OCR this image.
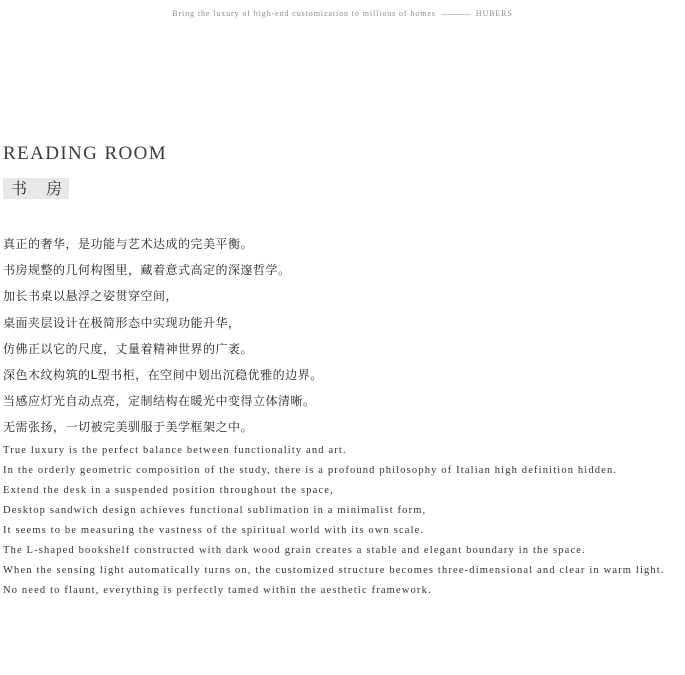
Bring the luxury of high-end customization to millions of homes	HUBERS
READING ROOM
书 房
真正的奢华，是功能与艺术达成的完美平衡。
书房规整的几何构图里，藏着意式高定的深邃哲学。
加长书桌以悬浮之姿贯穿空间，
桌面夹层设计在极简形态中实现功能升华，
仿佛正以它的尺度，丈量着精神世界的广袤。
深色木纹构筑的L型书柜，在空间中划出沉稳优雅的边界。
当感应灯光自动点亮，定制结构在暖光中变得立体清晰。
无需张扬，一切被完美驯服于美学框架之中。
True luxury is the perfect balance between functionality and art.
In the orderly geometric composition of the study, there is a profound philosophy of Italian high definition hidden.
Extend the desk in a suspended position throughout the space,
Desktop sandwich design achieves functional sublimation in a minimalist form,
It seems to be measuring the vastness of the spiritual world with its own scale.
The L-shaped bookshelf constructed with dark wood grain creates a stable and elegant boundary in the space.
When the sensing light automatically turns on, the customized structure becomes three-dimensional and clear in warm light.
No need to flaunt, everything is perfectly tamed within the aesthetic framework.
